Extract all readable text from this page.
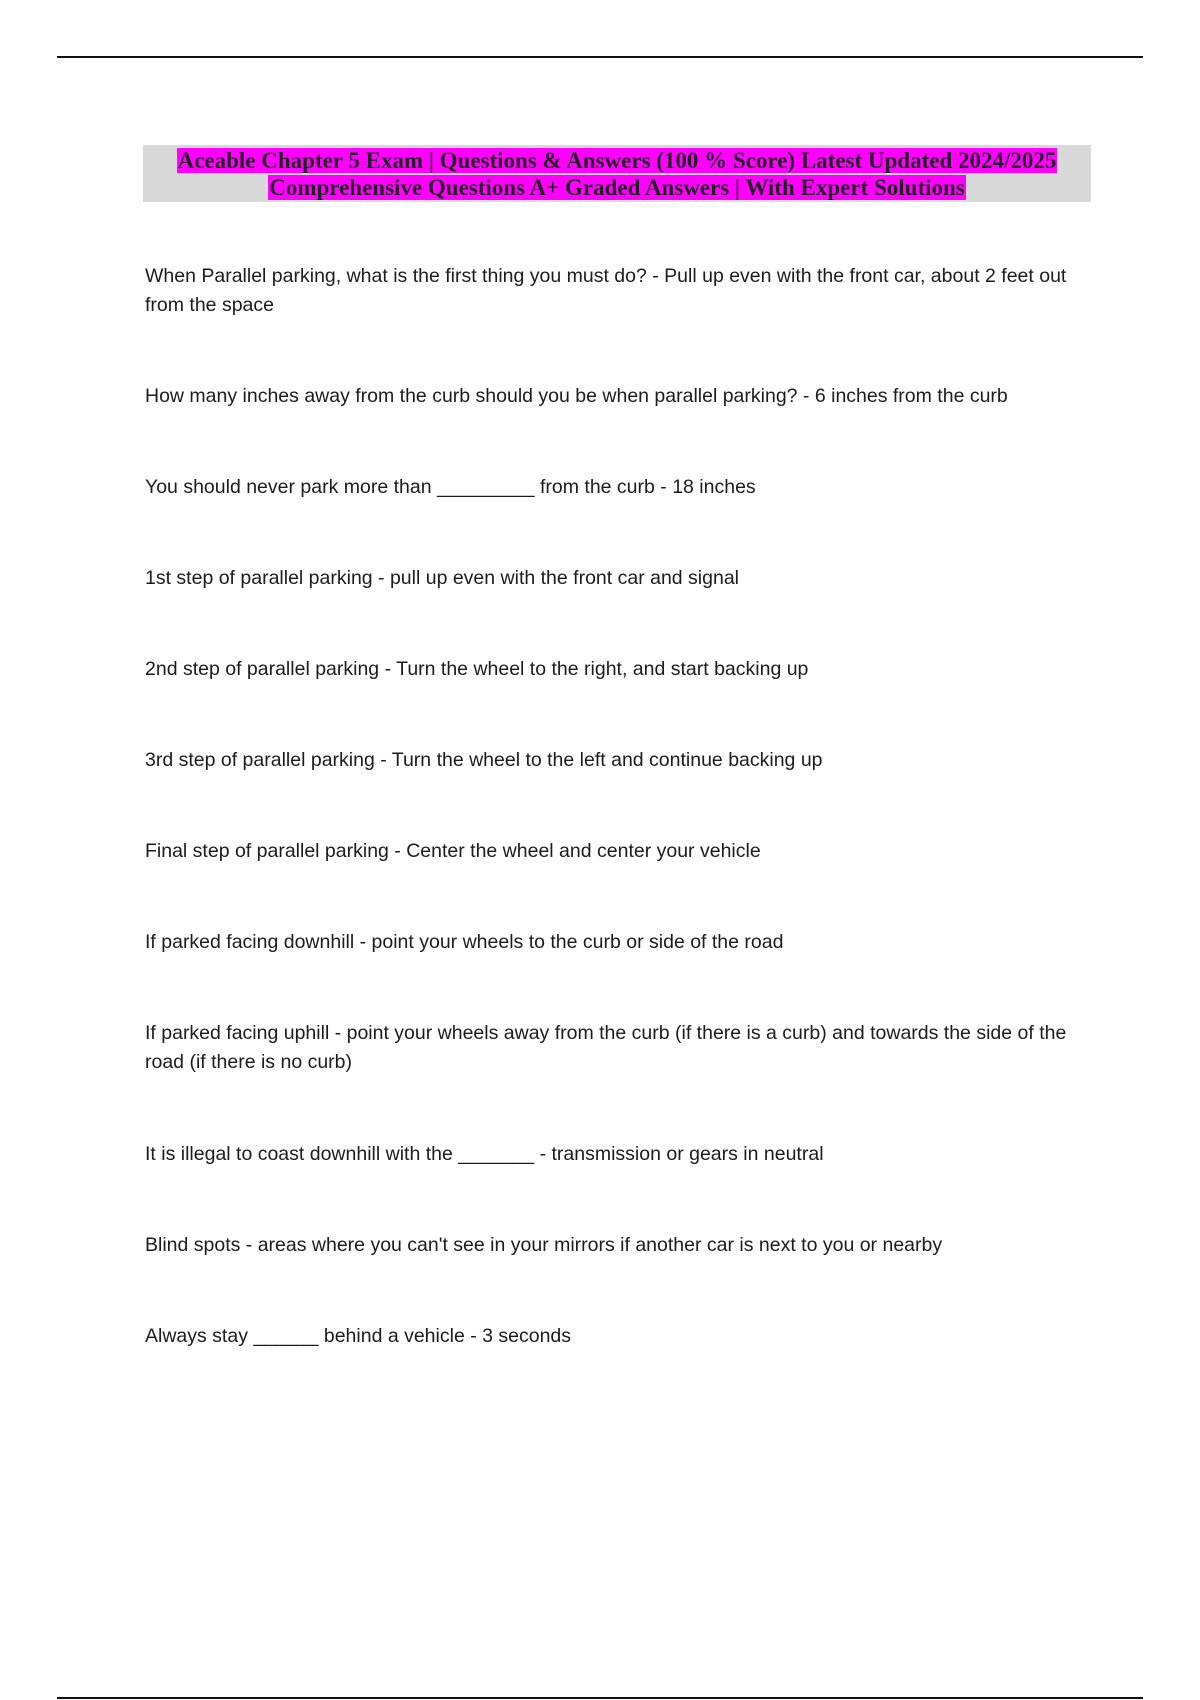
Aceable Chapter 5 Exam | Questions & Answers (100 % Score) Latest Updated 2024/2025
Comprehensive Questions A+ Graded Answers | With Expert Solutions
When Parallel parking, what is the first thing you must do? - Pull up even with the front car, about 2 feet out from the space
How many inches away from the curb should you be when parallel parking? - 6 inches from the curb
You should never park more than _________ from the curb - 18 inches
1st step of parallel parking - pull up even with the front car and signal
2nd step of parallel parking - Turn the wheel to the right, and start backing up
3rd step of parallel parking - Turn the wheel to the left and continue backing up
Final step of parallel parking - Center the wheel and center your vehicle
If parked facing downhill - point your wheels to the curb or side of the road
If parked facing uphill - point your wheels away from the curb (if there is a curb) and towards the side of the road (if there is no curb)
It is illegal to coast downhill with the _______ - transmission or gears in neutral
Blind spots - areas where you can't see in your mirrors if another car is next to you or nearby
Always stay ______ behind a vehicle - 3 seconds
